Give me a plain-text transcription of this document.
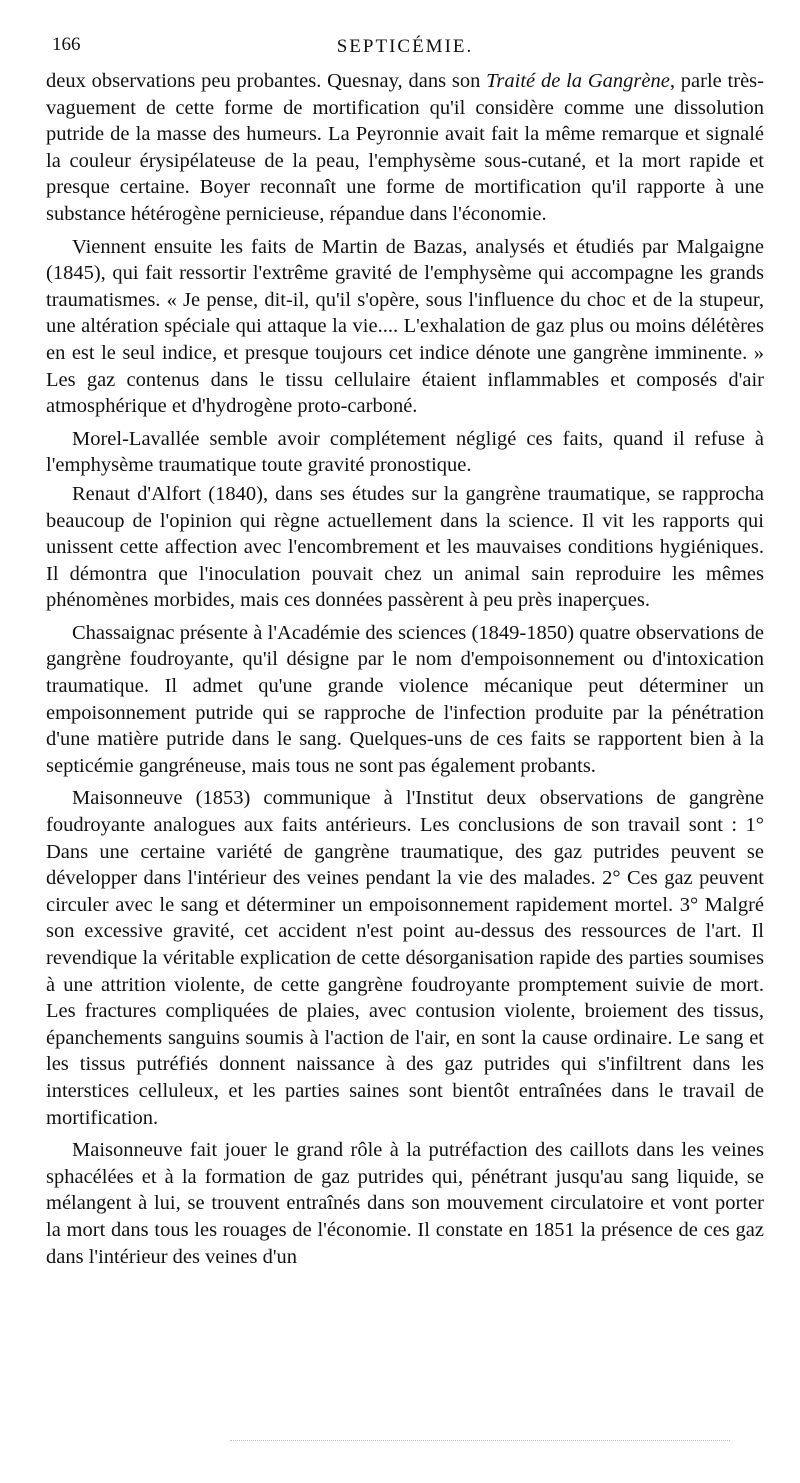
166	SEPTICÉMIE.

deux observations peu probantes. Quesnay, dans son Traité de la Gangrène, parle très-vaguement de cette forme de mortification qu'il considère comme une dissolution putride de la masse des humeurs. La Peyronnie avait fait la même remarque et signalé la couleur érysipélateuse de la peau, l'emphysème sous-cutané, et la mort rapide et presque certaine. Boyer reconnaît une forme de mortification qu'il rapporte à une substance hétérogène pernicieuse, répandue dans l'économie.

Viennent ensuite les faits de Martin de Bazas, analysés et étudiés par Malgaigne (1845), qui fait ressortir l'extrême gravité de l'emphysème qui accompagne les grands traumatismes. « Je pense, dit-il, qu'il s'opère, sous l'influence du choc et de la stupeur, une altération spéciale qui attaque la vie.... L'exhalation de gaz plus ou moins délétères en est le seul indice, et presque toujours cet indice dénote une gangrène imminente. » Les gaz contenus dans le tissu cellulaire étaient inflammables et composés d'air atmosphérique et d'hydrogène proto-carboné.

Morel-Lavallée semble avoir complétement négligé ces faits, quand il refuse à l'emphysème traumatique toute gravité pronostique.

Renaut d'Alfort (1840), dans ses études sur la gangrène traumatique, se rapprocha beaucoup de l'opinion qui règne actuellement dans la science. Il vit les rapports qui unissent cette affection avec l'encombrement et les mauvaises conditions hygiéniques. Il démontra que l'inoculation pouvait chez un animal sain reproduire les mêmes phénomènes morbides, mais ces données passèrent à peu près inaperçues.

Chassaignac présente à l'Académie des sciences (1849-1850) quatre observations de gangrène foudroyante, qu'il désigne par le nom d'empoisonnement ou d'intoxication traumatique. Il admet qu'une grande violence mécanique peut déterminer un empoisonnement putride qui se rapproche de l'infection produite par la pénétration d'une matière putride dans le sang. Quelques-uns de ces faits se rapportent bien à la septicémie gangréneuse, mais tous ne sont pas également probants.

Maisonneuve (1853) communique à l'Institut deux observations de gangrène foudroyante analogues aux faits antérieurs. Les conclusions de son travail sont : 1° Dans une certaine variété de gangrène traumatique, des gaz putrides peuvent se développer dans l'intérieur des veines pendant la vie des malades. 2° Ces gaz peuvent circuler avec le sang et déterminer un empoisonnement rapidement mortel. 3° Malgré son excessive gravité, cet accident n'est point au-dessus des ressources de l'art. Il revendique la véritable explication de cette désorganisation rapide des parties soumises à une attrition violente, de cette gangrène foudroyante promptement suivie de mort. Les fractures compliquées de plaies, avec contusion violente, broiement des tissus, épanchements sanguins soumis à l'action de l'air, en sont la cause ordinaire. Le sang et les tissus putréfiés donnent naissance à des gaz putrides qui s'infiltrent dans les interstices celluleux, et les parties saines sont bientôt entraînées dans le travail de mortification.

Maisonneuve fait jouer le grand rôle à la putréfaction des caillots dans les veines sphacélées et à la formation de gaz putrides qui, pénétrant jusqu'au sang liquide, se mélangent à lui, se trouvent entraînés dans son mouvement circulatoire et vont porter la mort dans tous les rouages de l'économie. Il constate en 1851 la présence de ces gaz dans l'intérieur des veines d'un
